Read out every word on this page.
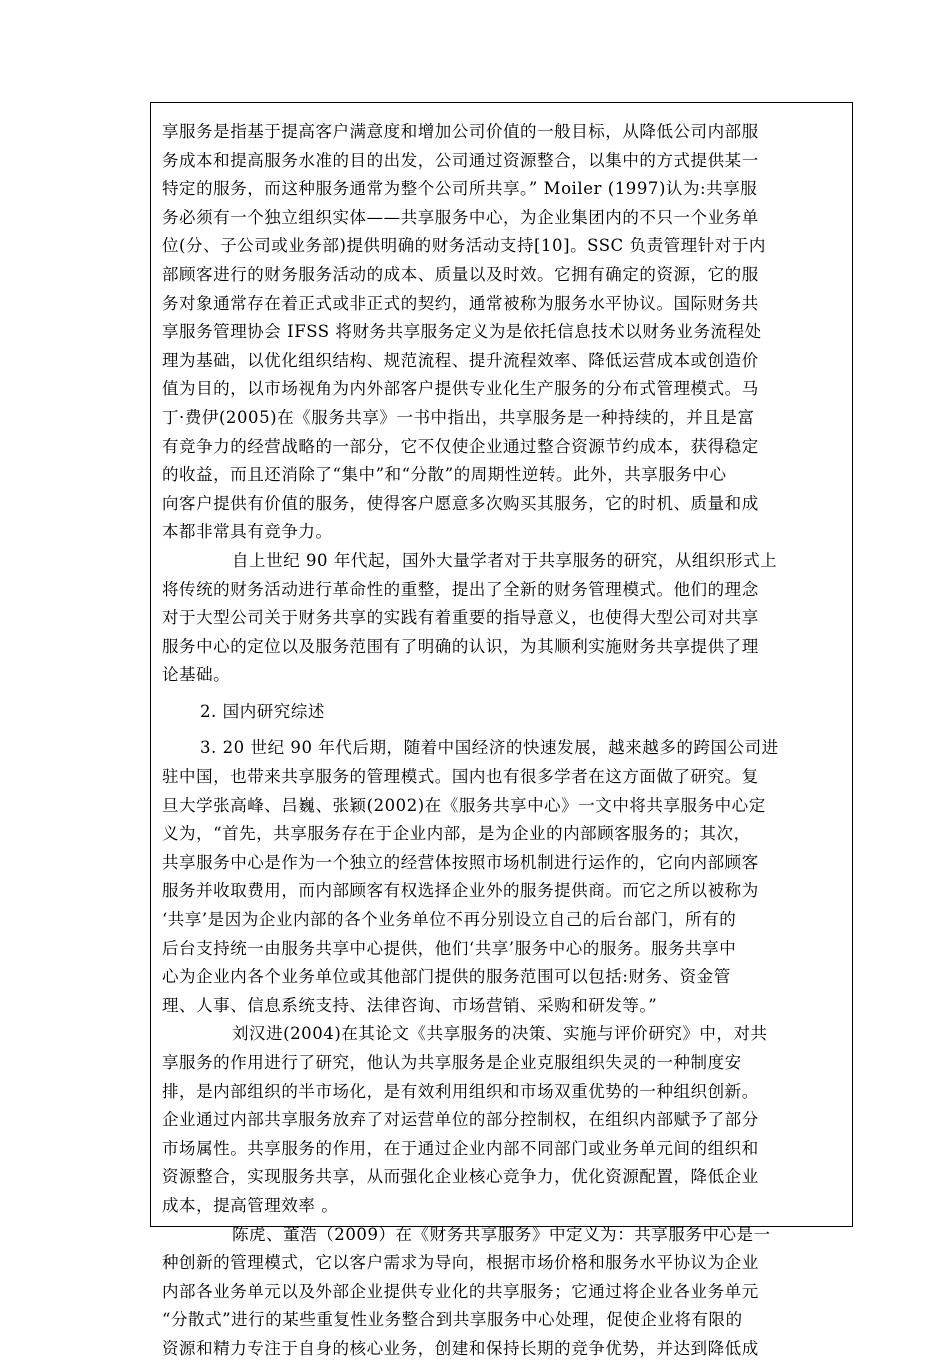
享服务是指基于提高客户满意度和增加公司价值的一般目标，从降低公司内部服
务成本和提高服务水准的目的出发，公司通过资源整合，以集中的方式提供某一
特定的服务，而这种服务通常为整个公司所共享。” Moiler (1997)认为:共享服
务必须有一个独立组织实体——共享服务中心，为企业集团内的不只一个业务单
位(分、子公司或业务部)提供明确的财务活动支持[10]。SSC 负责管理针对于内
部顾客进行的财务服务活动的成本、质量以及时效。它拥有确定的资源，它的服
务对象通常存在着正式或非正式的契约，通常被称为服务水平协议。国际财务共
享服务管理协会 IFSS 将财务共享服务定义为是依托信息技术以财务业务流程处
理为基础，以优化组织结构、规范流程、提升流程效率、降低运营成本或创造价
值为目的，以市场视角为内外部客户提供专业化生产服务的分布式管理模式。马
丁·费伊(2005)在《服务共享》一书中指出，共享服务是一种持续的，并且是富
有竞争力的经营战略的一部分，它不仅使企业通过整合资源节约成本，获得稳定
的收益，而且还消除了“集中”和“分散”的周期性逆转。此外，共享服务中心
向客户提供有价值的服务，使得客户愿意多次购买其服务，它的时机、质量和成
本都非常具有竞争力。
自上世纪 90 年代起，国外大量学者对于共享服务的研究，从组织形式上
将传统的财务活动进行革命性的重整，提出了全新的财务管理模式。他们的理念
对于大型公司关于财务共享的实践有着重要的指导意义，也使得大型公司对共享
服务中心的定位以及服务范围有了明确的认识，为其顺利实施财务共享提供了理
论基础。
2. 国内研究综述
3. 20 世纪 90 年代后期，随着中国经济的快速发展，越来越多的跨国公司进
驻中国，也带来共享服务的管理模式。国内也有很多学者在这方面做了研究。复
旦大学张高峰、吕巍、张颖(2002)在《服务共享中心》一文中将共享服务中心定
义为，“首先，共享服务存在于企业内部，是为企业的内部顾客服务的；其次，
共享服务中心是作为一个独立的经营体按照市场机制进行运作的，它向内部顾客
服务并收取费用，而内部顾客有权选择企业外的服务提供商。而它之所以被称为
‘共享’是因为企业内部的各个业务单位不再分别设立自己的后台部门，所有的
后台支持统一由服务共享中心提供，他们‘共享’服务中心的服务。服务共享中
心为企业内各个业务单位或其他部门提供的服务范围可以包括:财务、资金管
理、人事、信息系统支持、法律咨询、市场营销、采购和研发等。”
刘汉进(2004)在其论文《共享服务的决策、实施与评价研究》中，对共
享服务的作用进行了研究，他认为共享服务是企业克服组织失灵的一种制度安
排，是内部组织的半市场化，是有效利用组织和市场双重优势的一种组织创新。
企业通过内部共享服务放弃了对运营单位的部分控制权，在组织内部赋予了部分
市场属性。共享服务的作用，在于通过企业内部不同部门或业务单元间的组织和
资源整合，实现服务共享，从而强化企业核心竞争力，优化资源配置，降低企业
成本，提高管理效率 。
陈虎、董浩（2009）在《财务共享服务》中定义为：共享服务中心是一
种创新的管理模式，它以客户需求为导向，根据市场价格和服务水平协议为企业
内部各业务单元以及外部企业提供专业化的共享服务；它通过将企业各业务单元
“分散式”进行的某些重复性业务整合到共享服务中心处理，促使企业将有限的
资源和精力专注于自身的核心业务，创建和保持长期的竞争优势，并达到降低成
